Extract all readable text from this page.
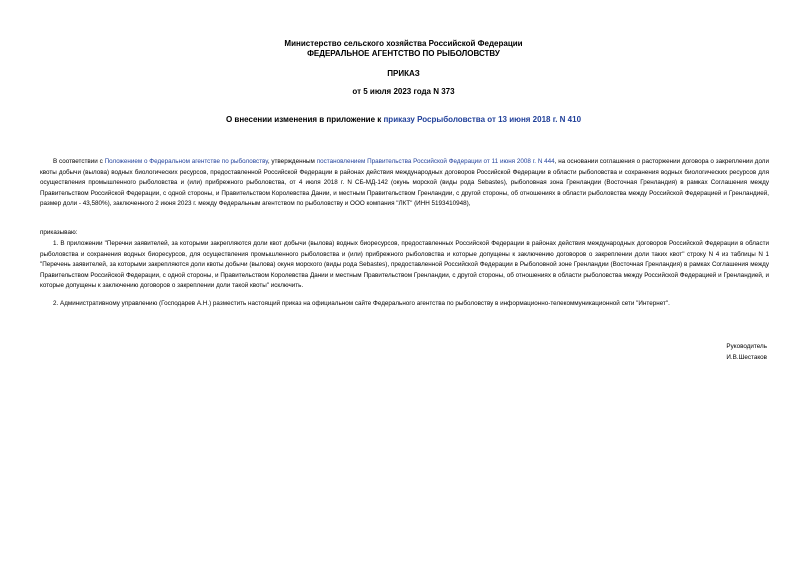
Министерство сельского хозяйства Российской Федерации
ФЕДЕРАЛЬНОЕ АГЕНТСТВО ПО РЫБОЛОВСТВУ
ПРИКАЗ
от 5 июля 2023 года N 373
О внесении изменения в приложение к приказу Росрыболовства от 13 июня 2018 г. N 410
В соответствии с Положением о Федеральном агентстве по рыболовству, утвержденным постановлением Правительства Российской Федерации от 11 июня 2008 г. N 444, на основании соглашения о расторжении договора о закреплении доли квоты добычи (вылова) водных биологических ресурсов, предоставленной Российской Федерации в районах действия международных договоров Российской Федерации в области рыболовства и сохранения водных биологических ресурсов для осуществления промышленного рыболовства и (или) прибрежного рыболовства, от 4 июля 2018 г. N СБ-МД-142 (окунь морской (виды рода Sebastes), рыболовная зона Гренландии (Восточная Гренландия) в рамках Соглашения между Правительством Российской Федерации, с одной стороны, и Правительством Королевства Дании, и местным Правительством Гренландии, с другой стороны, об отношениях в области рыболовства между Российской Федерацией и Гренландией, размер доли - 43,580%), заключенного 2 июня 2023 г. между Федеральным агентством по рыболовству и ООО компания "ЛКТ" (ИНН 5193410948),
приказываю:
1. В приложении "Перечни заявителей, за которыми закрепляются доли квот добычи (вылова) водных биоресурсов, предоставленных Российской Федерации в районах действия международных договоров Российской Федерации в области рыболовства и сохранения водных биоресурсов, для осуществления промышленного рыболовства и (или) прибрежного рыболовства и которые допущены к заключению договоров о закреплении доли таких квот" строку N 4 из таблицы N 1 "Перечень заявителей, за которыми закрепляются доли квоты добычи (вылова) окуня морского (виды рода Sebastes), предоставленной Российской Федерации в Рыболовной зоне Гренландии (Восточная Гренландия) в рамках Соглашения между Правительством Российской Федерации, с одной стороны, и Правительством Королевства Дании и местным Правительством Гренландии, с другой стороны, об отношениях в области рыболовства между Российской Федерацией и Гренландией, и которые допущены к заключению договоров о закреплении доли такой квоты" исключить.
2. Административному управлению (Господарев А.Н.) разместить настоящий приказ на официальном сайте Федерального агентства по рыболовству в информационно-телекоммуникационной сети "Интернет".
Руководитель
И.В.Шестаков
